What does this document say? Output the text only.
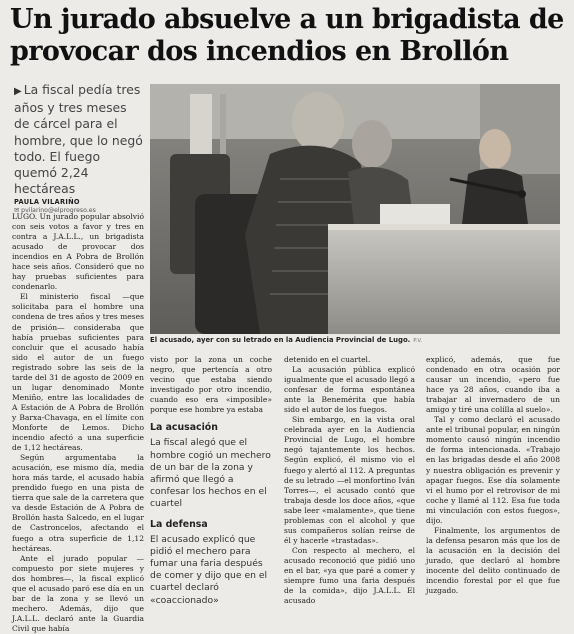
Un jurado absuelve a un brigadista de
provocar dos incendios en Brollón
▶ La fiscal pedía tres años y tres meses de cárcel para el hombre, que lo negó todo. El fuego quemó 2,24 hectáreas
PAULA VILARIÑO
✉ pvilarino@elprogreso.es
El acusado, ayer con su letrado en la Audiencia Provincial de Lugo. P.V.

LUGO. Un jurado popular absolvió con seis votos a favor y tres en contra a J.A.L.L., un brigadista acusado de provocar dos incendios en A Pobra de Brollón hace seis años. Consideró que no hay pruebas suficientes para condenarlo.

El ministerio fiscal —que solicitaba para el hombre una condena de tres años y tres meses de prisión— consideraba que había pruebas suficientes para concluir que el acusado había sido el autor de un fuego registrado sobre las seis de la tarde del 31 de agosto de 2009 en un lugar denominado Monte Meniño, entre las localidades de A Estación de A Pobra de Brollón y Barxa-Chavaga, en el límite con Monforte de Lemos. Dicho incendio afectó a una superficie de 1,12 hectáreas.

Según argumentaba la acusación, ese mismo día, media hora más tarde, el acusado había prendido fuego en una pista de tierra que sale de la carretera que va desde Estación de A Pobra de Brollón hasta Salcedo, en el lugar de Castroncelos, afectando el fuego a otra superficie de 1,12 hectáreas.

Ante el jurado popular —compuesto por siete mujeres y dos hombres—, la fiscal explicó que el acusado paró ese día en un bar de la zona y se llevó un mechero. Además, dijo que J.A.L.L. declaró ante la Guardia Civil que había

visto por la zona un coche negro, que pertencía a otro vecino que estaba siendo investigado por otro incendio, cuando eso era «imposible» porque ese hombre ya estaba

La acusación

La fiscal alegó que el hombre cogió un mechero de un bar de la zona y afirmó que llegó a confesar los hechos en el cuartel

La defensa

El acusado explicó que pidió el mechero para fumar una faria después de comer y dijo que en el cuartel declaró «coaccionado»

detenido en el cuartel.

La acusación pública explicó igualmente que el acusado llegó a confesar de forma espontánea ante la Benemérita que había sido el autor de los fuegos.

Sin embargo, en la vista oral celebrada ayer en la Audiencia Provincial de Lugo, el hombre negó tajantemente los hechos. Según explicó, él mismo vio el fuego y alertó al 112. A preguntas de su letrado —el monfortino Iván Torres—, el acusado contó que trabaja desde los doce años, «que sabe leer «malamente», que tiene problemas con el alcohol y que sus compañeros solían reírse de él y hacerle «trastadas».

Con respecto al mechero, el acusado reconoció que pidió uno en el bar, «ya que paré a comer y siempre fumo una faria después de la comida», dijo J.A.L.L. El acusado

explicó, además, que fue condenado en otra ocasión por causar un incendio, «pero fue hace ya 28 años, cuando iba a trabajar al invernadero de un amigo y tiré una colilla al suelo».

Tal y como declaró el acusado ante el tribunal popular, en ningún momento causó ningún incendio de forma intencionada. «Trabajo en las brigadas desde el año 2008 y nuestra obligación es prevenir y apagar fuegos. Ese día solamente vi el humo por el retrovisor de mi coche y llamé al 112. Esa fue toda mi vinculación con estos fuegos», dijo.

Finalmente, los argumentos de la defensa pesaron más que los de la acusación en la decisión del jurado, que declaró al hombre inocente del delito continuado de incendio forestal por el que fue juzgado.
